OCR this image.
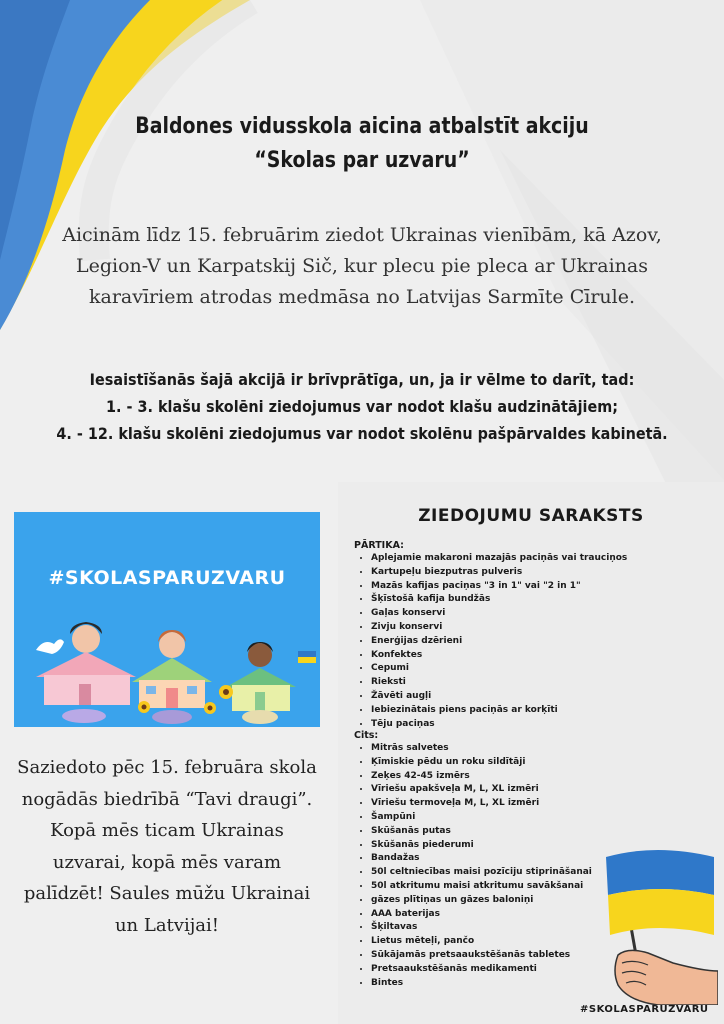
Baldones vidusskola aicina atbalstīt akciju
“Skolas par uzvaru”
Aicinām līdz 15. februārim ziedot Ukrainas vienībām, kā Azov, Legion-V un Karpatskij Sič, kur plecu pie pleca ar Ukrainas karavīriem atrodas medmāsa no Latvijas Sarmīte Cīrule.
Iesaistīšanās šajā akcijā ir brīvprātīga, un, ja ir vēlme to darīt, tad:
1. - 3. klašu skolēni ziedojumus var nodot klašu audzinātājiem;
4. - 12. klašu skolēni ziedojumus var nodot skolēnu pašpārvaldes kabinetā.
#SKOLASPARUZVARU
Saziedoto pēc 15. februāra skola nogādās biedrībā “Tavi draugi”. Kopā mēs ticam Ukrainas uzvarai, kopā mēs varam palīdzēt! Saules mūžu Ukrainai un Latvijai!
ZIEDOJUMU SARAKSTS
PĀRTIKA:
• Aplejamie makaroni mazajās paciņās vai trauciņos
• Kartupeļu biezputras pulveris
• Mazās kafijas paciņas "3 in 1" vai "2 in 1"
• Šķīstošā kafija bundžās
• Gaļas konservi
• Zivju konservi
• Enerģijas dzērieni
• Konfektes
• Cepumi
• Rieksti
• Žāvēti augļi
• Iebiezinātais piens paciņās ar korķīti
• Tēju paciņas
Cits:
• Mitrās salvetes
• Ķīmiskie pēdu un roku sildītāji
• Zeķes 42-45 izmērs
• Vīriešu apakšveļa M, L, XL izmēri
• Vīriešu termoveļa M, L, XL izmēri
• Šampūni
• Skūšanās putas
• Skūšanās piederumi
• Bandažas
• 50l celtniecības maisi pozīciju stiprināšanai
• 50l atkritumu maisi atkritumu savākšanai
• gāzes plītiņas un gāzes baloniņi
• AAA baterijas
• Šķiltavas
• Lietus mēteļi, pančo
• Sūkājamās pretsaaukstēšanās tabletes
• Pretsaaukstēšanās medikamenti
• Bintes
#SKOLASPARUZVARU
